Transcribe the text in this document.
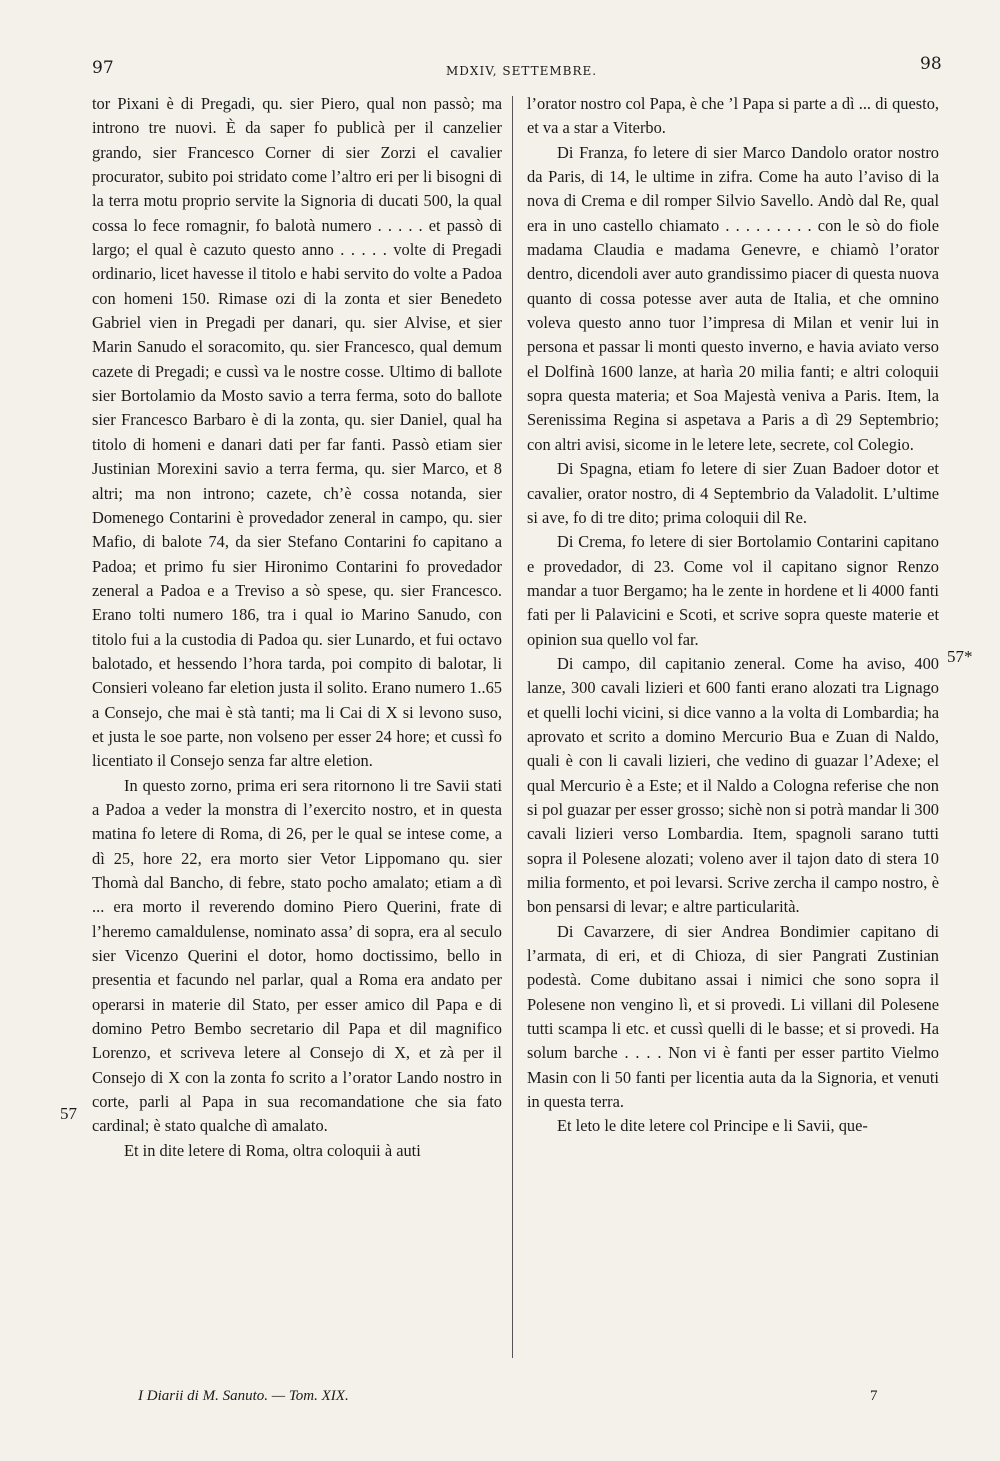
97	MDXIV, SETTEMBRE.	98
57
57*

tor Pixani è di Pregadi, qu. sier Piero, qual non passò; ma introno tre nuovi. È da saper fo publicà per il canzelier grando, sier Francesco Corner di sier Zorzi el cavalier procurator, subito poi stridato come l’altro eri per li bisogni di la terra motu proprio servite la Signoria di ducati 500, la qual cossa lo fece romagnir, fo balotà numero . . . . . et passò di largo; el qual è cazuto questo anno . . . . . volte di Pregadi ordinario, licet havesse il titolo e habi servito do volte a Padoa con homeni 150. Rimase ozi di la zonta et sier Benedeto Gabriel vien in Pregadi per danari, qu. sier Alvise, et sier Marin Sanudo el soracomito, qu. sier Francesco, qual demum cazete di Pregadi; e cussì va le nostre cosse. Ultimo di ballote sier Bortolamio da Mosto savio a terra ferma, soto do ballote sier Francesco Barbaro è di la zonta, qu. sier Daniel, qual ha titolo di homeni e danari dati per far fanti. Passò etiam sier Justinian Morexini savio a terra ferma, qu. sier Marco, et 8 altri; ma non introno; cazete, ch’è cossa notanda, sier Domenego Contarini è provedador zeneral in campo, qu. sier Mafio, di balote 74, da sier Stefano Contarini fo capitano a Padoa; et primo fu sier Hironimo Contarini fo provedador zeneral a Padoa e a Treviso a sò spese, qu. sier Francesco. Erano tolti numero 186, tra i qual io Marino Sanudo, con titolo fui a la custodia di Padoa qu. sier Lunardo, et fui octavo balotado, et hessendo l’hora tarda, poi compito di balotar, li Consieri voleano far eletion justa il solito. Erano numero 1..65 a Consejo, che mai è stà tanti; ma li Cai di X si levono suso, et justa le soe parte, non volseno per esser 24 hore; et cussì fo licentiato il Consejo senza far altre eletion.

In questo zorno, prima eri sera ritornono li tre Savii stati a Padoa a veder la monstra di l’exercito nostro, et in questa matina fo letere di Roma, di 26, per le qual se intese come, a dì 25, hore 22, era morto sier Vetor Lippomano qu. sier Thomà dal Bancho, di febre, stato pocho amalato; etiam a dì ... era morto il reverendo domino Piero Querini, frate di l’heremo camaldulense, nominato assa’ di sopra, era al seculo sier Vicenzo Querini el dotor, homo doctissimo, bello in presentia et facundo nel parlar, qual a Roma era andato per operarsi in materie dil Stato, per esser amico dil Papa e di domino Petro Bembo secretario dil Papa et dil magnifico Lorenzo, et scriveva letere al Consejo di X, et zà per il Consejo di X con la zonta fo scrito a l’orator Lando nostro in corte, parli al Papa in sua recomandatione che sia fato cardinal; è stato qualche dì amalato.

Et in dite letere di Roma, oltra coloquii à auti

l’orator nostro col Papa, è che ’l Papa si parte a dì ... di questo, et va a star a Viterbo.

Di Franza, fo letere di sier Marco Dandolo orator nostro da Paris, di 14, le ultime in zifra. Come ha auto l’aviso di la nova di Crema e dil romper Silvio Savello. Andò dal Re, qual era in uno castello chiamato . . . . . . . . . con le sò do fiole madama Claudia e madama Genevre, e chiamò l’orator dentro, dicendoli aver auto grandissimo piacer di questa nuova quanto di cossa potesse aver auta de Italia, et che omnino voleva questo anno tuor l’impresa di Milan et venir lui in persona et passar li monti questo inverno, e havia aviato verso el Dolfinà 1600 lanze, at harìa 20 milia fanti; e altri coloquii sopra questa materia; et Soa Majestà veniva a Paris. Item, la Serenissima Regina si aspetava a Paris a dì 29 Septembrio; con altri avisi, sicome in le letere lete, secrete, col Colegio.

Di Spagna, etiam fo letere di sier Zuan Badoer dotor et cavalier, orator nostro, di 4 Septembrio da Valadolit. L’ultime si ave, fo di tre dito; prima coloquii dil Re.

Di Crema, fo letere di sier Bortolamio Contarini capitano e provedador, di 23. Come vol il capitano signor Renzo mandar a tuor Bergamo; ha le zente in hordene et li 4000 fanti fati per li Palavicini e Scoti, et scrive sopra queste materie et opinion sua quello vol far.

Di campo, dil capitanio zeneral. Come ha aviso, 400 lanze, 300 cavali lizieri et 600 fanti erano alozati tra Lignago et quelli lochi vicini, si dice vanno a la volta di Lombardia; ha aprovato et scrito a domino Mercurio Bua e Zuan di Naldo, quali è con li cavali lizieri, che vedino di guazar l’Adexe; el qual Mercurio è a Este; et il Naldo a Cologna referise che non si pol guazar per esser grosso; sichè non si potrà mandar li 300 cavali lizieri verso Lombardia. Item, spagnoli sarano tutti sopra il Polesene alozati; voleno aver il tajon dato di stera 10 milia formento, et poi levarsi. Scrive zercha il campo nostro, è bon pensarsi di levar; e altre particularità.

Di Cavarzere, di sier Andrea Bondimier capitano di l’armata, di eri, et di Chioza, di sier Pangrati Zustinian podestà. Come dubitano assai i nimici che sono sopra il Polesene non vengino lì, et si provedi. Li villani dil Polesene tutti scampa li etc. et cussì quelli di le basse; et si provedi. Ha solum barche . . . . Non vi è fanti per esser partito Vielmo Masin con li 50 fanti per licentia auta da la Signoria, et venuti in questa terra.

Et leto le dite letere col Principe e li Savii, que-

I Diarii di M. Sanuto. — Tom. XIX.	7
